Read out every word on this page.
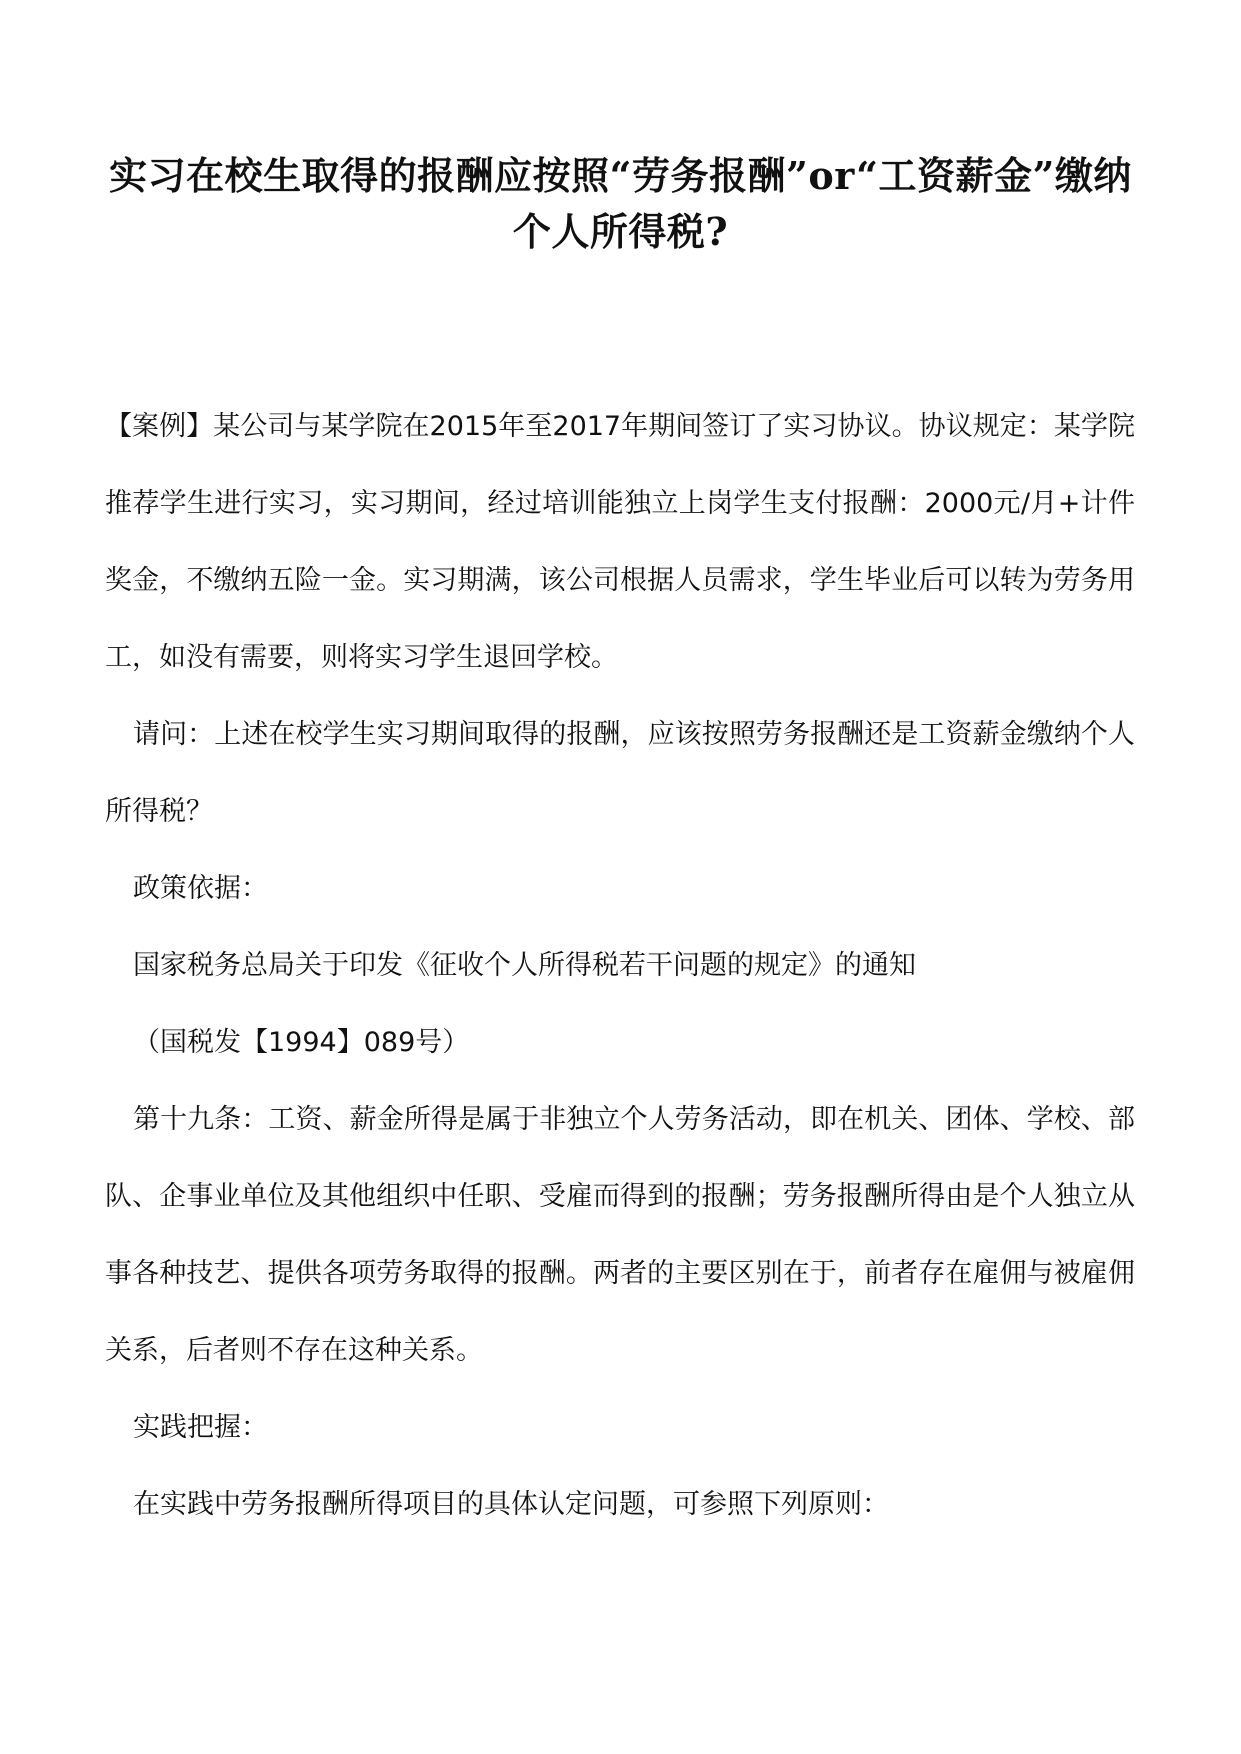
实习在校生取得的报酬应按照“劳务报酬”or“工资薪金”缴纳个人所得税?

【案例】某公司与某学院在2015年至2017年期间签订了实习协议。协议规定：某学院推荐学生进行实习，实习期间，经过培训能独立上岗学生支付报酬：2000元/月+计件奖金，不缴纳五险一金。实习期满，该公司根据人员需求，学生毕业后可以转为劳务用工，如没有需要，则将实习学生退回学校。

请问：上述在校学生实习期间取得的报酬，应该按照劳务报酬还是工资薪金缴纳个人所得税？

政策依据：

国家税务总局关于印发《征收个人所得税若干问题的规定》的通知

（国税发【1994】089号）

第十九条：工资、薪金所得是属于非独立个人劳务活动，即在机关、团体、学校、部队、企事业单位及其他组织中任职、受雇而得到的报酬；劳务报酬所得由是个人独立从事各种技艺、提供各项劳务取得的报酬。两者的主要区别在于，前者存在雇佣与被雇佣关系，后者则不存在这种关系。

实践把握：

在实践中劳务报酬所得项目的具体认定问题，可参照下列原则：
